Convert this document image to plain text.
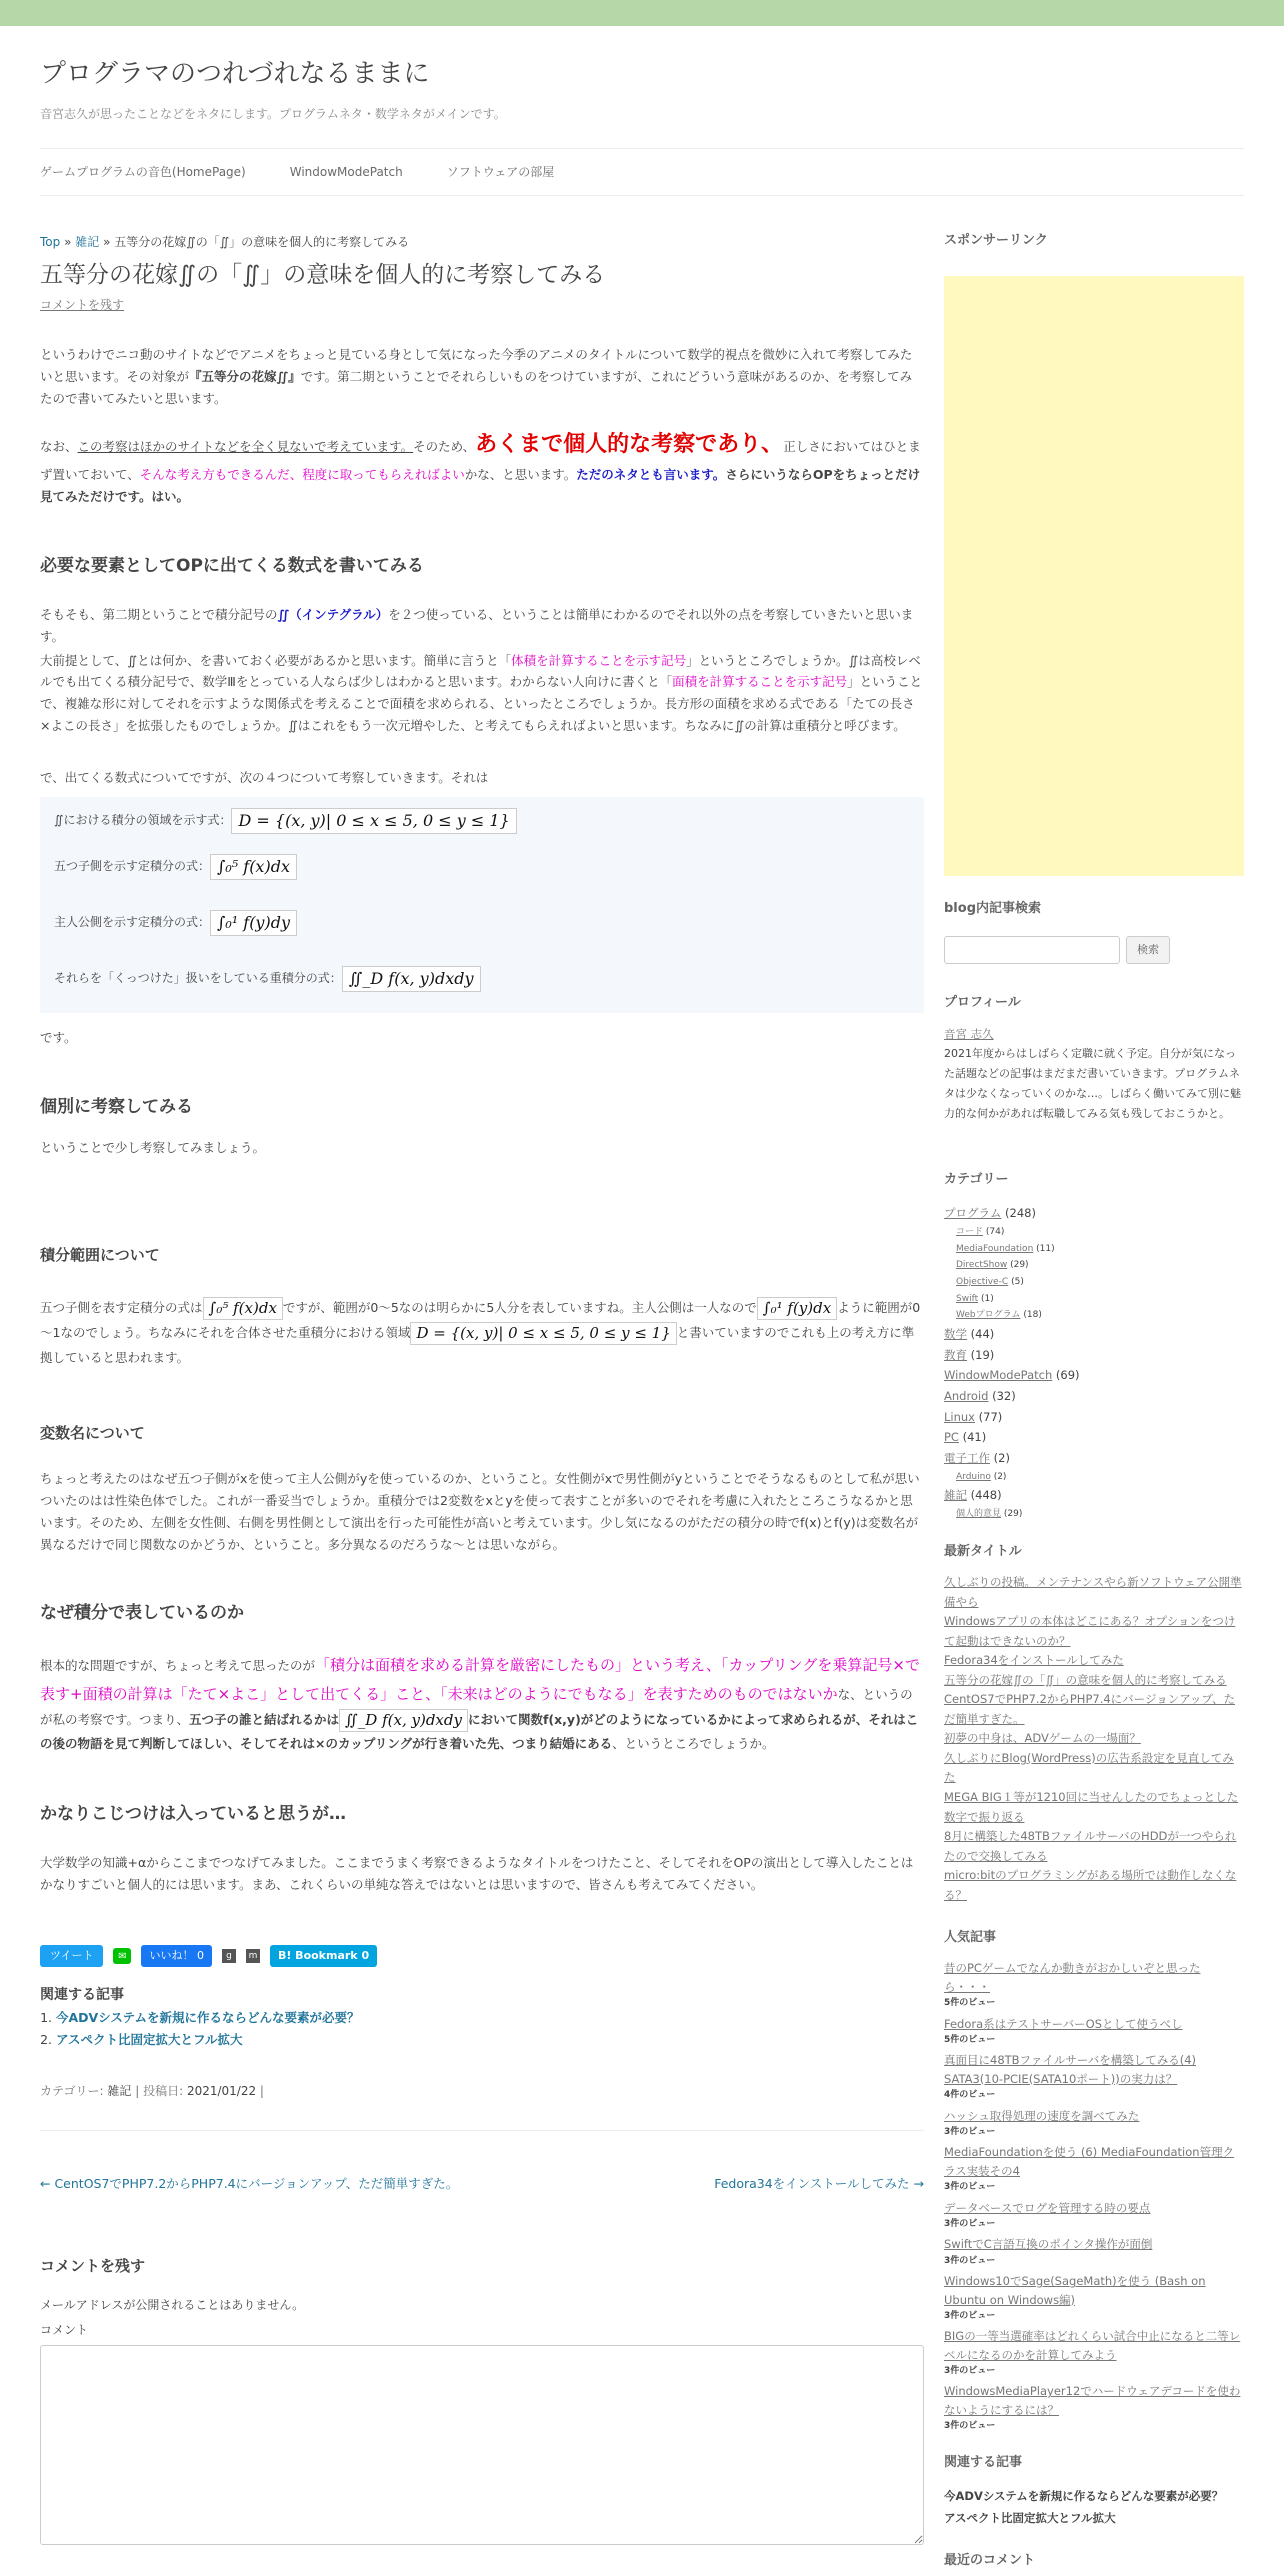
プログラマのつれづれなるままに
音宮志久が思ったことなどをネタにします。プログラムネタ・数学ネタがメインです。
ゲームプログラムの音色(HomePage)	WindowModePatch	ソフトウェアの部屋
Top » 雑記 » 五等分の花嫁∬の「∬」の意味を個人的に考察してみる
五等分の花嫁∬の「∬」の意味を個人的に考察してみる
コメントを残す

というわけでニコ動のサイトなどでアニメをちょっと見ている身として気になった今季のアニメのタイトルについて数学的視点を微妙に入れて考察してみたいと思います。その対象が『五等分の花嫁∬』です。第二期ということでそれらしいものをつけていますが、これにどういう意味があるのか、を考察してみたので書いてみたいと思います。

なお、この考察はほかのサイトなどを全く見ないで考えています。そのため、あくまで個人的な考察であり、正しさにおいてはひとまず置いておいて、そんな考え方もできるんだ、程度に取ってもらえればよいかな、と思います。ただのネタとも言います。さらにいうならOPをちょっとだけ見てみただけです。はい。

必要な要素としてOPに出てくる数式を書いてみる

そもそも、第二期ということで積分記号の∬（インテグラル）を２つ使っている、ということは簡単にわかるのでそれ以外の点を考察していきたいと思います。

大前提として、∬とは何か、を書いておく必要があるかと思います。簡単に言うと「体積を計算することを示す記号」というところでしょうか。∬は高校レベルでも出てくる積分記号で、数学Ⅲをとっている人ならば少しはわかると思います。わからない人向けに書くと「面積を計算することを示す記号」ということで、複雑な形に対してそれを示すような関係式を考えることで面積を求められる、といったところでしょうか。長方形の面積を求める式である「たての長さ×よこの長さ」を拡張したものでしょうか。∬はこれをもう一次元増やした、と考えてもらえればよいと思います。ちなみに∬の計算は重積分と呼びます。

で、出てくる数式についてですが、次の４つについて考察していきます。それは

∬における積分の領域を示す式： D = {(x, y)| 0 ≤ x ≤ 5, 0 ≤ y ≤ 1}
五つ子側を示す定積分の式： ∫₀⁵ f(x)dx
主人公側を示す定積分の式： ∫₀¹ f(y)dy
それらを「くっつけた」扱いをしている重積分の式： ∬_D f(x, y)dxdy

です。

個別に考察してみる

ということで少し考察してみましょう。

積分範囲について

五つ子側を表す定積分の式は ∫₀⁵ f(x)dx ですが、範囲が0～5なのは明らかに5人分を表していますね。主人公側は一人なので ∫₀¹ f(y)dx ように範囲が0～1なのでしょう。ちなみにそれを合体させた重積分における領域 D = {(x, y)| 0 ≤ x ≤ 5, 0 ≤ y ≤ 1} と書いていますのでこれも上の考え方に準拠していると思われます。

変数名について

ちょっと考えたのはなぜ五つ子側がxを使って主人公側がyを使っているのか、ということ。女性側がxで男性側がyということでそうなるものとして私が思いついたのはは性染色体でした。これが一番妥当でしょうか。重積分では2変数をxとyを使って表すことが多いのでそれを考慮に入れたところこうなるかと思います。そのため、左側を女性側、右側を男性側として演出を行った可能性が高いと考えています。少し気になるのがただの積分の時でf(x)とf(y)は変数名が異なるだけで同じ関数なのかどうか、ということ。多分異なるのだろうな～とは思いながら。

なぜ積分で表しているのか

根本的な問題ですが、ちょっと考えて思ったのが「積分は面積を求める計算を厳密にしたもの」という考え、「カップリングを乗算記号×で表す+面積の計算は「たて×よこ」として出てくる」こと、「未来はどのようにでもなる」を表すためのものではないかな、というのが私の考察です。つまり、五つ子の誰と結ばれるかは ∬_D f(x, y)dxdy において関数f(x,y)がどのようになっているかによって求められるが、それはこの後の物語を見て判断してほしい、そしてそれは×のカップリングが行き着いた先、つまり結婚にある、というところでしょうか。

かなりこじつけは入っていると思うが…

大学数学の知識+αからここまでつなげてみました。ここまでうまく考察できるようなタイトルをつけたこと、そしてそれをOPの演出として導入したことはかなりすごいと個人的には思います。まあ、これくらいの単純な答えではないとは思いますので、皆さんも考えてみてください。

ツイート	✉	いいね！ 0	g	m	B! Bookmark 0
関連する記事
1. 今ADVシステムを新規に作るならどんな要素が必要？
2. アスペクト比固定拡大とフル拡大
カテゴリー: 雑記 | 投稿日: 2021/01/22 |
← CentOS7でPHP7.2からPHP7.4にバージョンアップ、ただ簡単すぎた。	Fedora34をインストールしてみた →
コメントを残す
メールアドレスが公開されることはありません。
コメント
スポンサーリンク
blog内記事検索
検索
プロフィール
音宮 志久
2021年度からはしばらく定職に就く予定。自分が気になった話題などの記事はまだまだ書いていきます。プログラムネタは少なくなっていくのかな…。しばらく働いてみて別に魅力的な何かがあれば転職してみる気も残しておこうかと。
カテゴリー
プログラム (248)
コード (74)
MediaFoundation (11)
DirectShow (29)
Objective-C (5)
Swift (1)
Webプログラム (18)
数学 (44)
教育 (19)
WindowModePatch (69)
Android (32)
Linux (77)
PC (41)
電子工作 (2)
Arduino (2)
雑記 (448)
個人的意見 (29)
最新タイトル
久しぶりの投稿。メンテナンスやら新ソフトウェア公開準備やら
Windowsアプリの本体はどこにある？オプションをつけて起動はできないのか？
Fedora34をインストールしてみた
五等分の花嫁∬の「∬」の意味を個人的に考察してみる
CentOS7でPHP7.2からPHP7.4にバージョンアップ、ただ簡単すぎた。
初夢の中身は、ADVゲームの一場面？
久しぶりにBlog(WordPress)の広告系設定を見直してみた
MEGA BIG１等が1210回に当せんしたのでちょっとした数字で振り返る
8月に構築した48TBファイルサーバのHDDが一つやられたので交換してみる
micro:bitのプログラミングがある場所では動作しなくなる？
人気記事
昔のPCゲームでなんか動きがおかしいぞと思ったら・・・
5件のビュー
Fedora系はテストサーバーOSとして使うべし
5件のビュー
真面目に48TBファイルサーバを構築してみる(4) SATA3(10-PCIE(SATA10ポート))の実力は？
4件のビュー
ハッシュ取得処理の速度を調べてみた
3件のビュー
MediaFoundationを使う (6) MediaFoundation管理クラス実装その4
3件のビュー
データベースでログを管理する時の要点
3件のビュー
SwiftでC言語互換のポインタ操作が面倒
3件のビュー
Windows10でSage(SageMath)を使う (Bash on Ubuntu on Windows編)
3件のビュー
BIGの一等当選確率はどれくらい試合中止になると二等レベルになるのかを計算してみよう
3件のビュー
WindowsMediaPlayer12でハードウェアデコードを使わないようにするには？
3件のビュー
関連する記事
今ADVシステムを新規に作るならどんな要素が必要？
アスペクト比固定拡大とフル拡大
最近のコメント
